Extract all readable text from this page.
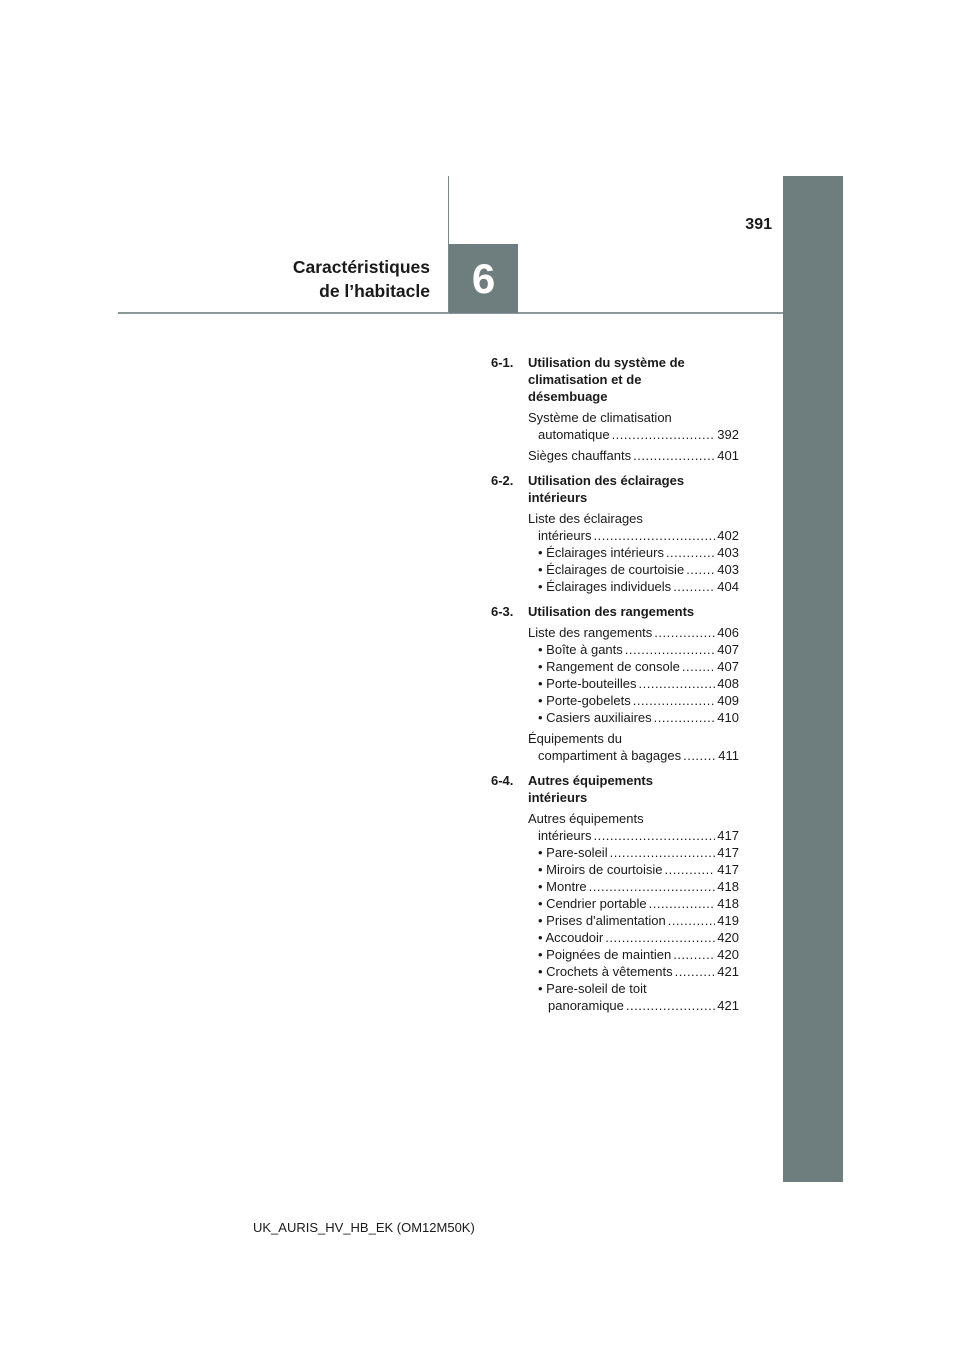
6
391
Caractéristiques
de l’habitacle
6-1. Utilisation du système de
climatisation et de
désembuage
Système de climatisation
automatique .....	392
Sièges chauffants .....	401
6-2. Utilisation des éclairages
intérieurs
Liste des éclairages
intérieurs .....	402
• Éclairages intérieurs .....	403
• Éclairages de courtoisie .....	403
• Éclairages individuels .....	404
6-3. Utilisation des rangements
Liste des rangements .....	406
• Boîte à gants .....	407
• Rangement de console .....	407
• Porte-bouteilles .....	408
• Porte-gobelets .....	409
• Casiers auxiliaires .....	410
Équipements du
compartiment à bagages .....	411
6-4. Autres équipements
intérieurs
Autres équipements
intérieurs .....	417
• Pare-soleil .....	417
• Miroirs de courtoisie .....	417
• Montre .....	418
• Cendrier portable .....	418
• Prises d'alimentation .....	419
• Accoudoir .....	420
• Poignées de maintien .....	420
• Crochets à vêtements .....	421
• Pare-soleil de toit
panoramique .....	421
UK_AURIS_HV_HB_EK (OM12M50K)
